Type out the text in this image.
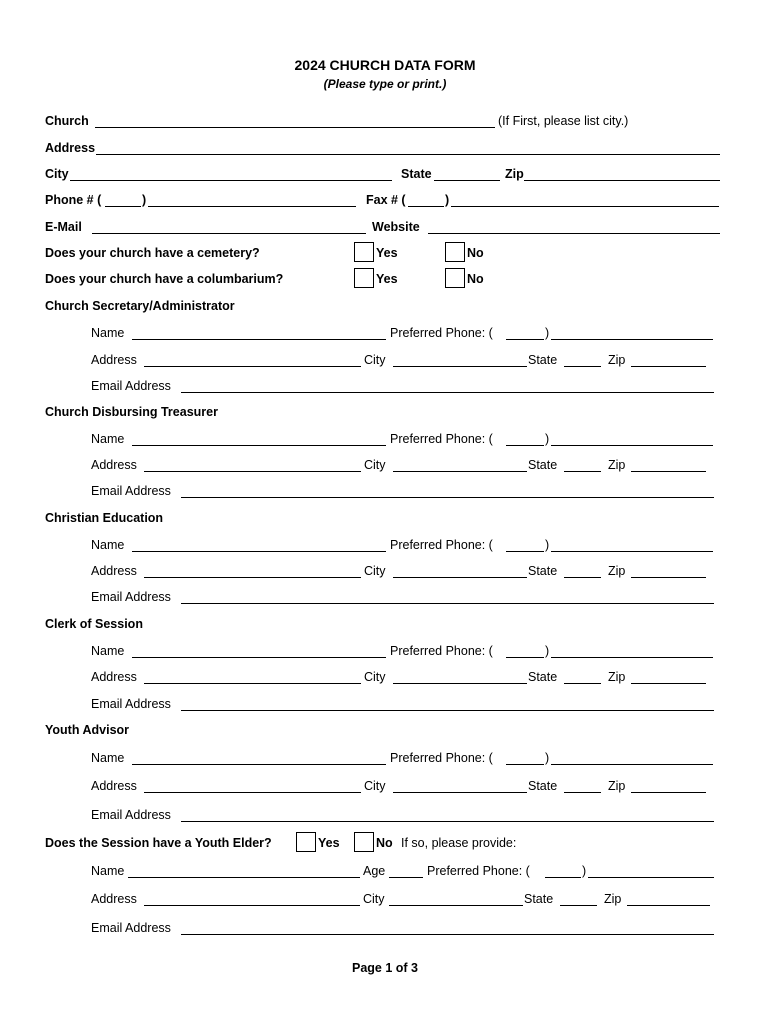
2024 CHURCH DATA FORM
(Please type or print.)
Church	(If First, please list city.)
Address
City	State	Zip
Phone # (	)	Fax # (	)
E-Mail	Website
Does your church have a cemetery?	Yes	No
Does your church have a columbarium?	Yes	No
Church Secretary/Administrator
Name	Preferred Phone: (	)
Address	City	State	Zip
Email Address
Church Disbursing Treasurer
Name	Preferred Phone: (	)
Address	City	State	Zip
Email Address
Christian Education
Name	Preferred Phone: (	)
Address	City	State	Zip
Email Address
Clerk of Session
Name	Preferred Phone: (	)
Address	City	State	Zip
Email Address
Youth Advisor
Name	Preferred Phone: (	)
Address	City	State	Zip
Email Address
Does the Session have a Youth Elder?	Yes	No If so, please provide:
Name	Age	Preferred Phone: (	)
Address	City	State	Zip
Email Address
Page 1 of 3
